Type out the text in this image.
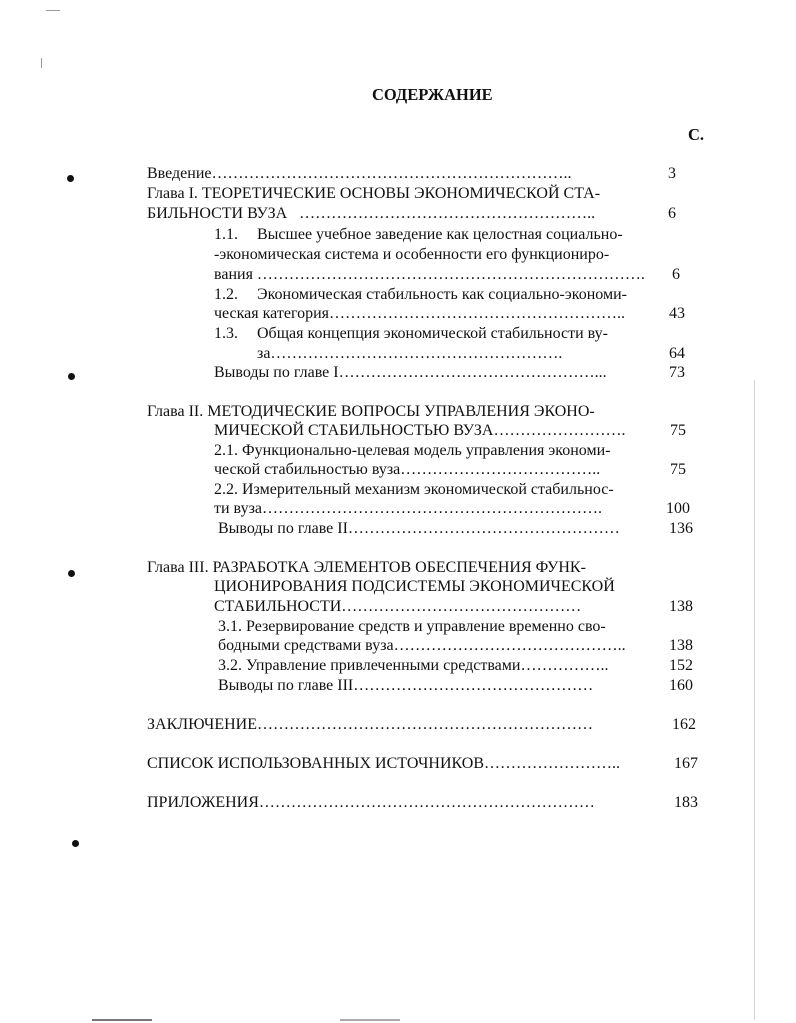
СОДЕРЖАНИЕ
С.
Введение…………………………………………………………..	3
Глава I. ТЕОРЕТИЧЕСКИЕ ОСНОВЫ ЭКОНОМИЧЕСКОЙ СТА-
БИЛЬНОСТИ ВУЗА   ………………………………………………..	6
1.1. Высшее учебное заведение как целостная социально-
-экономическая система и особенности его функциониро-
вания ……………………………………………………………….	6
1.2. Экономическая стабильность как социально-экономи-
ческая категория………………………………………………..	43
1.3. Общая концепция экономической стабильности ву-
за……………………………………………….	64
Выводы по главе I…………………………………………...	73
Глава II. МЕТОДИЧЕСКИЕ ВОПРОСЫ УПРАВЛЕНИЯ ЭКОНО-
МИЧЕСКОЙ СТАБИЛЬНОСТЬЮ ВУЗА…………………….	75
2.1. Функционально-целевая модель управления экономи-
ческой стабильностью вуза………………………………..	75
2.2. Измерительный механизм экономической стабильнос-
ти вуза……………………………………………………….	100
Выводы по главе II……………………………………………	136
Глава III. РАЗРАБОТКА ЭЛЕМЕНТОВ ОБЕСПЕЧЕНИЯ ФУНК-
ЦИОНИРОВАНИЯ ПОДСИСТЕМЫ ЭКОНОМИЧЕСКОЙ
СТАБИЛЬНОСТИ………………………………………	138
3.1. Резервирование средств и управление временно сво-
бодными средствами вуза……………………………………..	138
3.2. Управление привлеченными средствами……………..	152
Выводы по главе III………………………………………	160
ЗАКЛЮЧЕНИЕ………………………………………………………	162
СПИСОК ИСПОЛЬЗОВАННЫХ ИСТОЧНИКОВ……………………..	167
ПРИЛОЖЕНИЯ………………………………………………………	183
